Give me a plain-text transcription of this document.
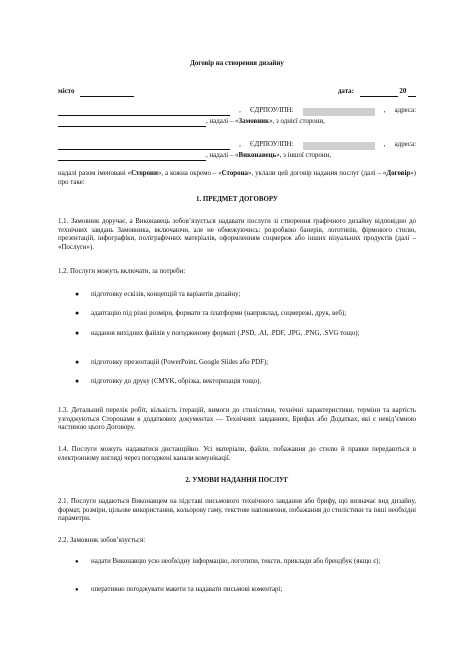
Договір на створення дизайну
місто	дата:	20
, ЄДРПОУ/ІПН:	, адреса:
, надалі – « Замовник », з однієї сторони,
, ЄДРПОУ/ІПН:	, адреса:
, надалі – « Виконавець », з іншої сторони,
надалі разом іменовані «Сторони», а кожна окремо – «Сторона», уклали цей договір надання послуг (далі – «Договір») про таке:
1. ПРЕДМЕТ ДОГОВОРУ
1.1. Замовник доручає, а Виконавець зобов’язується надавати послуги зі створення графічного дизайну відповідно до технічних завдань Замовника, включаючи, але не обмежуючись: розробкою банерів, логотипів, фірмового стилю, презентацій, інфографіки, поліграфічних матеріалів, оформленням соцмереж або інших візуальних продуктів (далі – «Послуги»).
1.2. Послуги можуть включати, за потреби:
● підготовку ескізів, концепцій та варіантів дизайну;
● адаптацію під різні розміри, формати та платформи (наприклад, соцмережі, друк, веб);
● надання вихідних файлів у погодженому форматі (.PSD, .AI, .PDF, .JPG, .PNG, .SVG тощо);
● підготовку презентацій (PowerPoint, Google Slides або PDF);
● підготовку до друку (CMYK, обрізка, векторизація тощо).
1.3. Детальний перелік робіт, кількість ітерацій, вимоги до стилістики, технічні характеристики, терміни та вартість узгоджуються Сторонами в додаткових документах — Технічних завданнях, Брифах або Додатках, які є невід’ємною частиною цього Договору.
1.4. Послуги можуть надаватися дистанційно. Усі матеріали, файли, побажання до стилю й правки передаються в електронному вигляді через погоджені канали комунікації.
2. УМОВИ НАДАННЯ ПОСЛУГ
2.1. Послуги надаються Виконавцем на підставі письмового технічного завдання або брифу, що визначає вид дизайну, формат, розміри, цільове використання, кольорову гаму, текстове наповнення, побажання до стилістики та інші необхідні параметри.
2.2. Замовник зобов’язується:
● надати Виконавцю усю необхідну інформацію, логотипи, тексти, приклади або брендбук (якщо є);
● оперативно погоджувати макети та надавати письмові коментарі;
